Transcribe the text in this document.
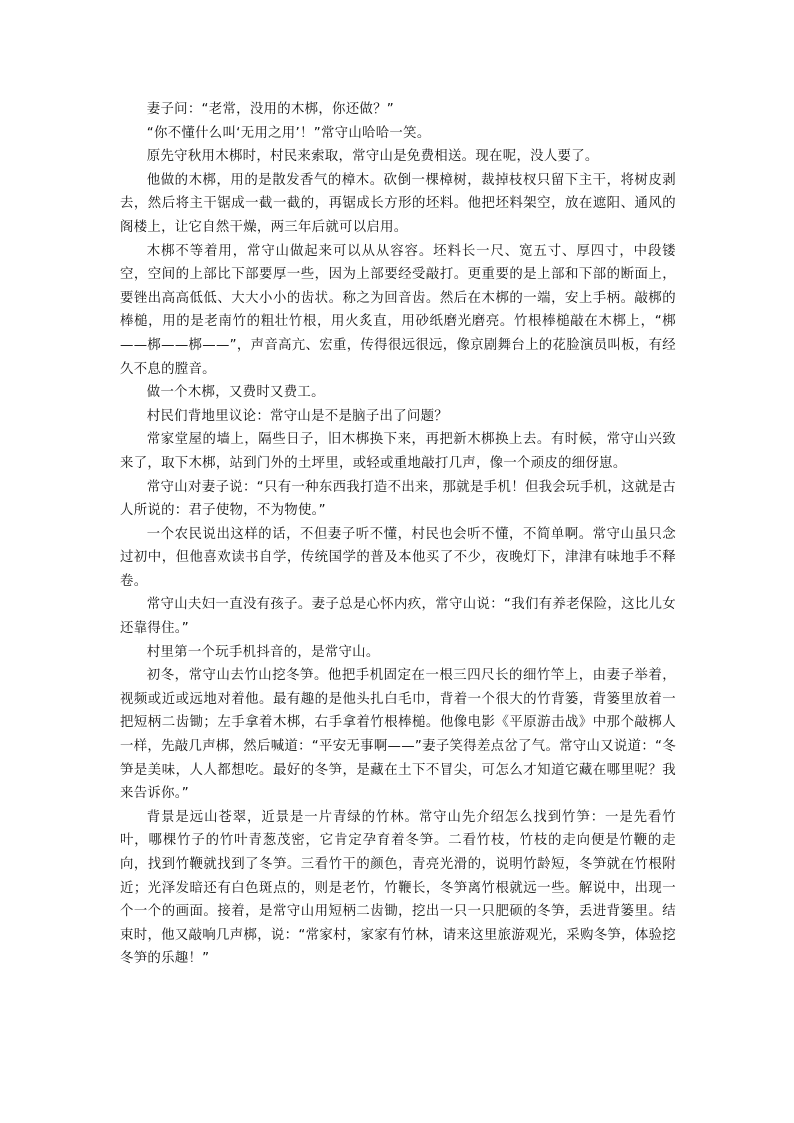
妻子问：“老常，没用的木梆，你还做？”

“你不懂什么叫‘无用之用’！”常守山哈哈一笑。

原先守秋用木梆时，村民来索取，常守山是免费相送。现在呢，没人要了。

他做的木梆，用的是散发香气的樟木。砍倒一棵樟树，裁掉枝杈只留下主干，将树皮剥去，然后将主干锯成一截一截的，再锯成长方形的坯料。他把坯料架空，放在遮阳、通风的阁楼上，让它自然干燥，两三年后就可以启用。

木梆不等着用，常守山做起来可以从从容容。坯料长一尺、宽五寸、厚四寸，中段镂空，空间的上部比下部要厚一些，因为上部要经受敲打。更重要的是上部和下部的断面上，要锉出高高低低、大大小小的齿状。称之为回音齿。然后在木梆的一端，安上手柄。敲梆的棒槌，用的是老南竹的粗壮竹根，用火炙直，用砂纸磨光磨亮。竹根棒槌敲在木梆上，“梆——梆——梆——”，声音高亢、宏重，传得很远很远，像京剧舞台上的花脸演员叫板，有经久不息的膛音。

做一个木梆，又费时又费工。

村民们背地里议论：常守山是不是脑子出了问题？

常家堂屋的墙上，隔些日子，旧木梆换下来，再把新木梆换上去。有时候，常守山兴致来了，取下木梆，站到门外的土坪里，或轻或重地敲打几声，像一个顽皮的细伢崽。

常守山对妻子说：“只有一种东西我打造不出来，那就是手机！但我会玩手机，这就是古人所说的：君子使物，不为物使。”

一个农民说出这样的话，不但妻子听不懂，村民也会听不懂，不简单啊。常守山虽只念过初中，但他喜欢读书自学，传统国学的普及本他买了不少，夜晚灯下，津津有味地手不释卷。

常守山夫妇一直没有孩子。妻子总是心怀内疚，常守山说：“我们有养老保险，这比儿女还靠得住。”

村里第一个玩手机抖音的，是常守山。

初冬，常守山去竹山挖冬笋。他把手机固定在一根三四尺长的细竹竿上，由妻子举着，视频或近或远地对着他。最有趣的是他头扎白毛巾，背着一个很大的竹背篓，背篓里放着一把短柄二齿锄；左手拿着木梆，右手拿着竹根棒槌。他像电影《平原游击战》中那个敲梆人一样，先敲几声梆，然后喊道：“平安无事啊——”妻子笑得差点岔了气。常守山又说道：“冬笋是美味，人人都想吃。最好的冬笋，是藏在土下不冒尖，可怎么才知道它藏在哪里呢？我来告诉你。”

背景是远山苍翠，近景是一片青绿的竹林。常守山先介绍怎么找到竹笋：一是先看竹叶，哪棵竹子的竹叶青葱茂密，它肯定孕育着冬笋。二看竹枝，竹枝的走向便是竹鞭的走向，找到竹鞭就找到了冬笋。三看竹干的颜色，青亮光滑的，说明竹龄短，冬笋就在竹根附近；光泽发暗还有白色斑点的，则是老竹，竹鞭长，冬笋离竹根就远一些。解说中，出现一个一个的画面。接着，是常守山用短柄二齿锄，挖出一只一只肥硕的冬笋，丢进背篓里。结束时，他又敲响几声梆，说：“常家村，家家有竹林，请来这里旅游观光，采购冬笋，体验挖冬笋的乐趣！”
